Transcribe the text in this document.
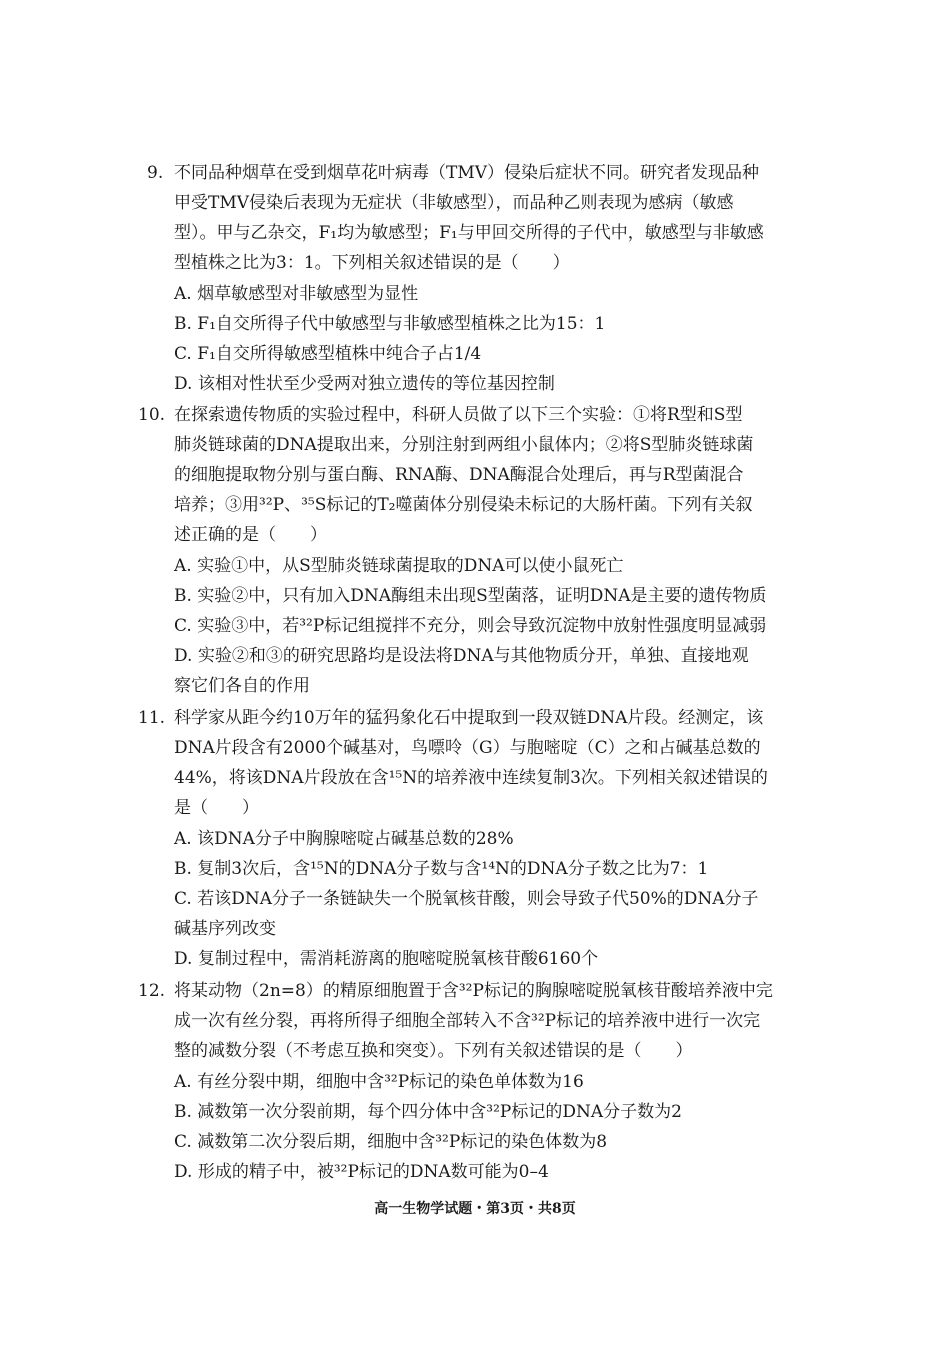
9. 不同品种烟草在受到烟草花叶病毒（TMV）侵染后症状不同。研究者发现品种
甲受TMV侵染后表现为无症状（非敏感型），而品种乙则表现为感病（敏感
型）。甲与乙杂交，F₁均为敏感型；F₁与甲回交所得的子代中，敏感型与非敏感
型植株之比为3：1。下列相关叙述错误的是（　　）
A. 烟草敏感型对非敏感型为显性
B. F₁自交所得子代中敏感型与非敏感型植株之比为15：1
C. F₁自交所得敏感型植株中纯合子占1/4
D. 该相对性状至少受两对独立遗传的等位基因控制
10. 在探索遗传物质的实验过程中，科研人员做了以下三个实验：①将R型和S型
肺炎链球菌的DNA提取出来，分别注射到两组小鼠体内；②将S型肺炎链球菌
的细胞提取物分别与蛋白酶、RNA酶、DNA酶混合处理后，再与R型菌混合
培养；③用³²P、³⁵S标记的T₂噬菌体分别侵染未标记的大肠杆菌。下列有关叙
述正确的是（　　）
A. 实验①中，从S型肺炎链球菌提取的DNA可以使小鼠死亡
B. 实验②中，只有加入DNA酶组未出现S型菌落，证明DNA是主要的遗传物质
C. 实验③中，若³²P标记组搅拌不充分，则会导致沉淀物中放射性强度明显减弱
D. 实验②和③的研究思路均是设法将DNA与其他物质分开，单独、直接地观
察它们各自的作用
11. 科学家从距今约10万年的猛犸象化石中提取到一段双链DNA片段。经测定，该
DNA片段含有2000个碱基对，鸟嘌呤（G）与胞嘧啶（C）之和占碱基总数的
44%，将该DNA片段放在含¹⁵N的培养液中连续复制3次。下列相关叙述错误的
是（　　）
A. 该DNA分子中胸腺嘧啶占碱基总数的28%
B. 复制3次后，含¹⁵N的DNA分子数与含¹⁴N的DNA分子数之比为7：1
C. 若该DNA分子一条链缺失一个脱氧核苷酸，则会导致子代50%的DNA分子
碱基序列改变
D. 复制过程中，需消耗游离的胞嘧啶脱氧核苷酸6160个
12. 将某动物（2n=8）的精原细胞置于含³²P标记的胸腺嘧啶脱氧核苷酸培养液中完
成一次有丝分裂，再将所得子细胞全部转入不含³²P标记的培养液中进行一次完
整的减数分裂（不考虑互换和突变）。下列有关叙述错误的是（　　）
A. 有丝分裂中期，细胞中含³²P标记的染色单体数为16
B. 减数第一次分裂前期，每个四分体中含³²P标记的DNA分子数为2
C. 减数第二次分裂后期，细胞中含³²P标记的染色体数为8
D. 形成的精子中，被³²P标记的DNA数可能为0–4
高一生物学试题・第3页・共8页
